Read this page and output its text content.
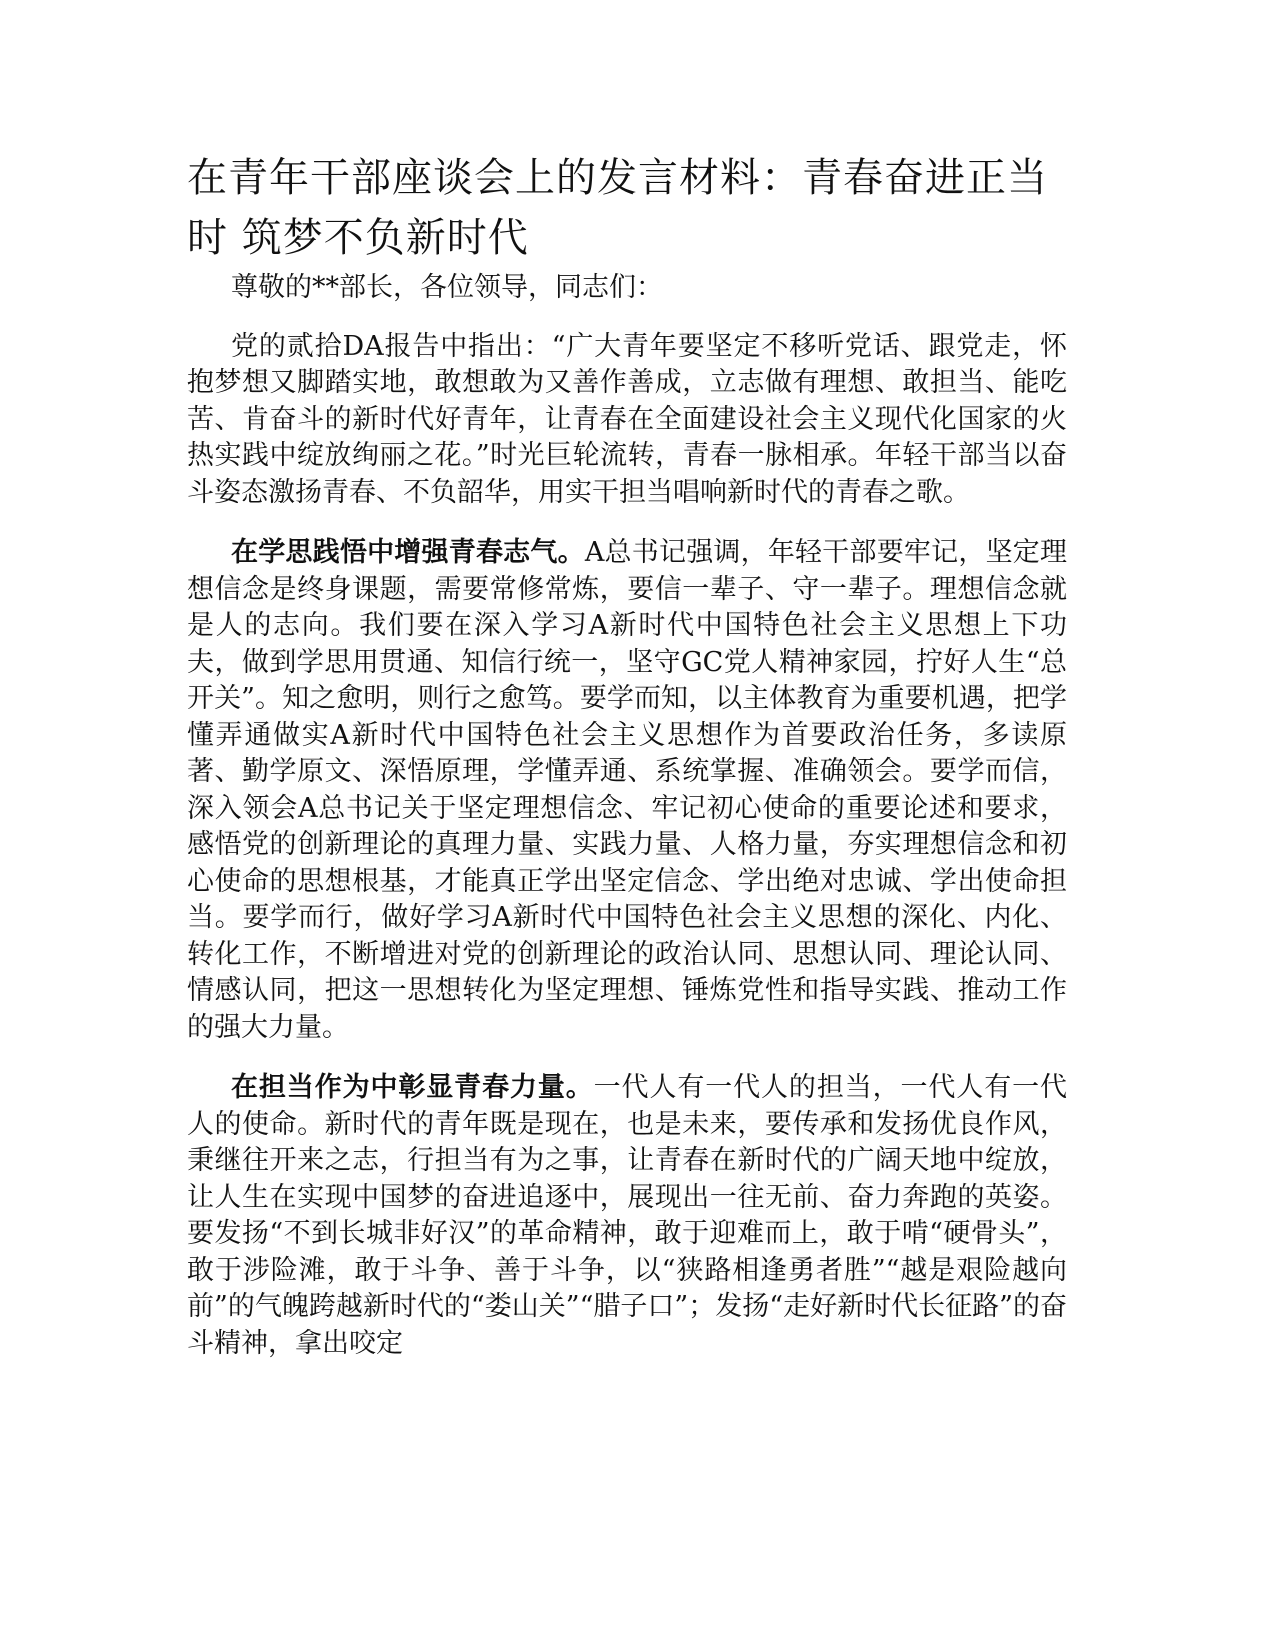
在青年干部座谈会上的发言材料：青春奋进正当时 筑梦不负新时代

尊敬的**部长，各位领导，同志们：

党的贰拾DA报告中指出：“广大青年要坚定不移听党话、跟党走，怀抱梦想又脚踏实地，敢想敢为又善作善成，立志做有理想、敢担当、能吃苦、肯奋斗的新时代好青年，让青春在全面建设社会主义现代化国家的火热实践中绽放绚丽之花。”时光巨轮流转，青春一脉相承。年轻干部当以奋斗姿态激扬青春、不负韶华，用实干担当唱响新时代的青春之歌。

在学思践悟中增强青春志气。A总书记强调，年轻干部要牢记，坚定理想信念是终身课题，需要常修常炼，要信一辈子、守一辈子。理想信念就是人的志向。我们要在深入学习A新时代中国特色社会主义思想上下功夫，做到学思用贯通、知信行统一，坚守GC党人精神家园，拧好人生“总开关”。知之愈明，则行之愈笃。要学而知，以主体教育为重要机遇，把学懂弄通做实A新时代中国特色社会主义思想作为首要政治任务，多读原著、勤学原文、深悟原理，学懂弄通、系统掌握、准确领会。要学而信，深入领会A总书记关于坚定理想信念、牢记初心使命的重要论述和要求，感悟党的创新理论的真理力量、实践力量、人格力量，夯实理想信念和初心使命的思想根基，才能真正学出坚定信念、学出绝对忠诚、学出使命担当。要学而行，做好学习A新时代中国特色社会主义思想的深化、内化、转化工作，不断增进对党的创新理论的政治认同、思想认同、理论认同、情感认同，把这一思想转化为坚定理想、锤炼党性和指导实践、推动工作的强大力量。

在担当作为中彰显青春力量。一代人有一代人的担当，一代人有一代人的使命。新时代的青年既是现在，也是未来，要传承和发扬优良作风，秉继往开来之志，行担当有为之事，让青春在新时代的广阔天地中绽放，让人生在实现中国梦的奋进追逐中，展现出一往无前、奋力奔跑的英姿。要发扬“不到长城非好汉”的革命精神，敢于迎难而上，敢于啃“硬骨头”，敢于涉险滩，敢于斗争、善于斗争，以“狭路相逢勇者胜”“越是艰险越向前”的气魄跨越新时代的“娄山关”“腊子口”；发扬“走好新时代长征路”的奋斗精神，拿出咬定
